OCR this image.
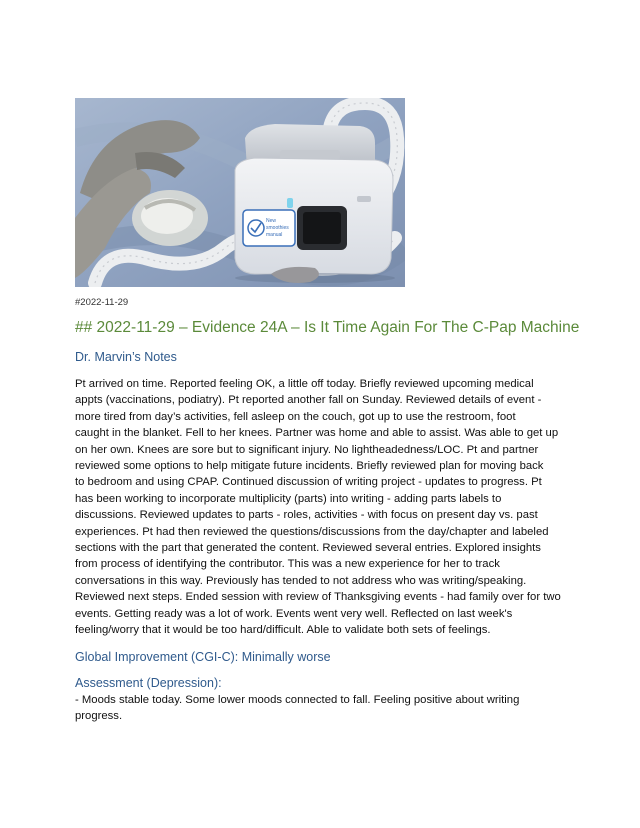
New
smoothies
manual
#2022-11-29
## 2022-11-29 – Evidence 24A – Is It Time Again For The C-Pap Machine
Dr. Marvin’s Notes
Pt arrived on time. Reported feeling OK, a little off today. Briefly reviewed upcoming medical
appts (vaccinations, podiatry). Pt reported another fall on Sunday. Reviewed details of event -
more tired from day’s activities, fell asleep on the couch, got up to use the restroom, foot
caught in the blanket. Fell to her knees. Partner was home and able to assist. Was able to get up
on her own. Knees are sore but to significant injury. No lightheadedness/LOC. Pt and partner
reviewed some options to help mitigate future incidents. Briefly reviewed plan for moving back
to bedroom and using CPAP. Continued discussion of writing project - updates to progress. Pt
has been working to incorporate multiplicity (parts) into writing - adding parts labels to
discussions. Reviewed updates to parts - roles, activities - with focus on present day vs. past
experiences. Pt had then reviewed the questions/discussions from the day/chapter and labeled
sections with the part that generated the content. Reviewed several entries. Explored insights
from process of identifying the contributor. This was a new experience for her to track
conversations in this way. Previously has tended to not address who was writing/speaking.
Reviewed next steps. Ended session with review of Thanksgiving events - had family over for two
events. Getting ready was a lot of work. Events went very well. Reflected on last week's
feeling/worry that it would be too hard/difficult. Able to validate both sets of feelings.
Global Improvement (CGI-C): Minimally worse
Assessment (Depression):
- Moods stable today. Some lower moods connected to fall. Feeling positive about writing
progress.
